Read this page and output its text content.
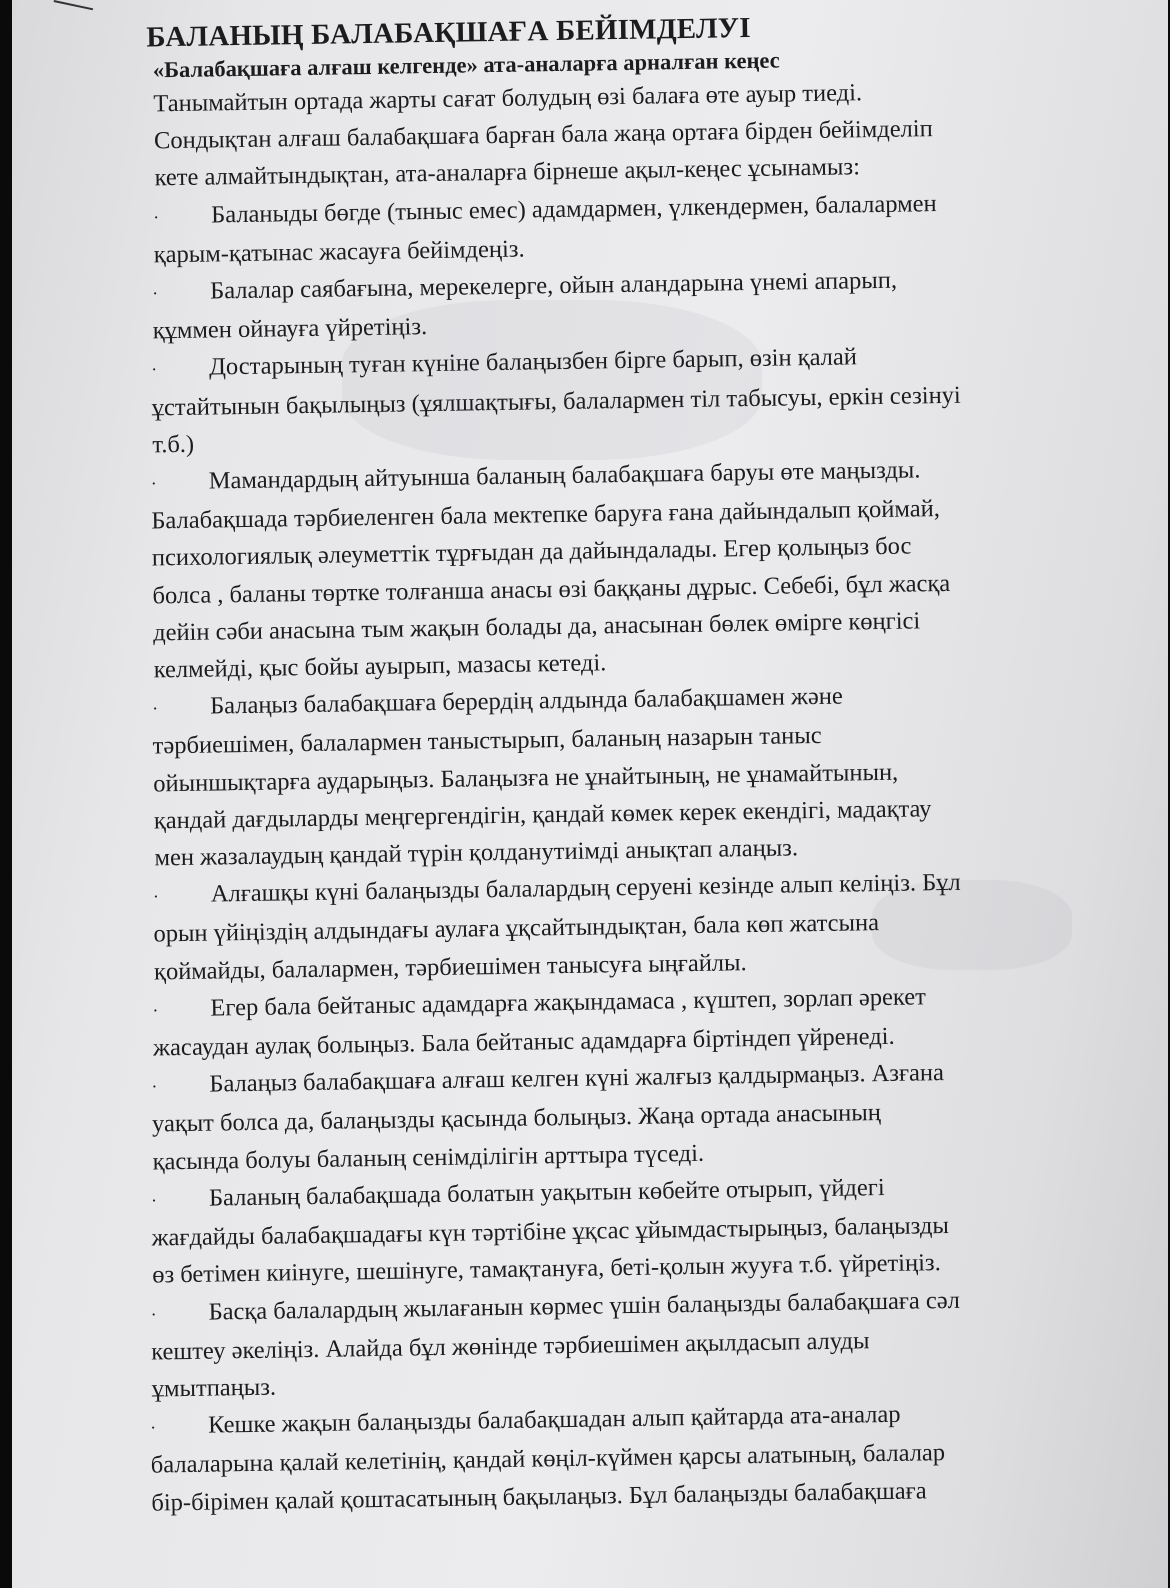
БАЛАНЫҢ БАЛАБАҚШАҒА БЕЙІМДЕЛУІ
«Балабақшаға алғаш келгенде» ата-аналарға арналған кеңес
Танымайтын ортада жарты сағат болудың өзі балаға өте ауыр тиеді.
Сондықтан алғаш балабақшаға барған бала жаңа ортаға бірден бейімделіп
кете алмайтындықтан, ата-аналарға бірнеше ақыл-кеңес ұсынамыз:
· Баланыды бөгде (тыныс емес) адамдармен, үлкендермен, балалармен
қарым-қатынас жасауға бейімдеңіз.
· Балалар саябағына, мерекелерге, ойын аландарына үнемі апарып,
құммен ойнауға үйретіңіз.
· Достарының туған күніне балаңызбен бірге барып, өзін қалай
ұстайтынын бақылыңыз (ұялшақтығы, балалармен тіл табысуы, еркін сезінуі
т.б.)
· Мамандардың айтуынша баланың балабақшаға баруы өте маңызды.
Балабақшада тәрбиеленген бала мектепке баруға ғана дайындалып қоймай,
психологиялық әлеуметтік тұрғыдан да дайындалады. Егер қолыңыз бос
болса , баланы төртке толғанша анасы өзі баққаны дұрыс. Себебі, бұл жасқа
дейін сәби анасына тым жақын болады да, анасынан бөлек өмірге көңгісі
келмейді, қыс бойы ауырып, мазасы кетеді.
· Балаңыз балабақшаға берердің алдында балабақшамен және
тәрбиешімен, балалармен таныстырып, баланың назарын таныс
ойыншықтарға аударыңыз. Балаңызға не ұнайтының, не ұнамайтынын,
қандай дағдыларды меңгергендігін, қандай көмек керек екендігі, мадақтау
мен жазалаудың қандай түрін қолданутиімді анықтап алаңыз.
· Алғашқы күні балаңызды балалардың серуені кезінде алып келіңіз. Бұл
орын үйіңіздің алдындағы аулаға ұқсайтындықтан, бала көп жатсына
қоймайды, балалармен, тәрбиешімен танысуға ыңғайлы.
· Егер бала бейтаныс адамдарға жақындамаса , күштеп, зорлап әрекет
жасаудан аулақ болыңыз. Бала бейтаныс адамдарға біртіндеп үйренеді.
· Балаңыз балабақшаға алғаш келген күні жалғыз қалдырмаңыз. Азғана
уақыт болса да, балаңызды қасында болыңыз. Жаңа ортада анасының
қасында болуы баланың сенімділігін арттыра түседі.
· Баланың балабақшада болатын уақытын көбейте отырып, үйдегі
жағдайды балабақшадағы күн тәртібіне ұқсас ұйымдастырыңыз, балаңызды
өз бетімен киінуге, шешінуге, тамақтануға, беті-қолын жууға т.б. үйретіңіз.
· Басқа балалардың жылағанын көрмес үшін балаңызды балабақшаға сәл
кештеу әкеліңіз. Алайда бұл жөнінде тәрбиешімен ақылдасып алуды
ұмытпаңыз.
· Кешке жақын балаңызды балабақшадан алып қайтарда ата-аналар
балаларына қалай келетінің, қандай көңіл-күймен қарсы алатының, балалар
бір-бірімен қалай қоштасатының бақылаңыз. Бұл балаңызды балабақшаға
